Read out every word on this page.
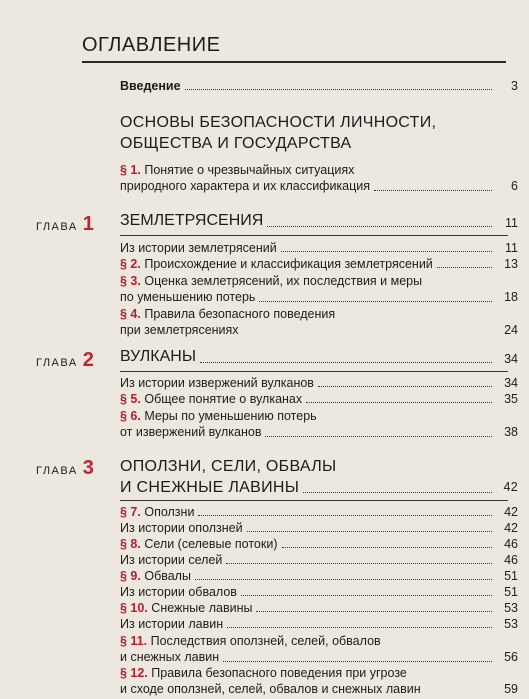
ОГЛАВЛЕНИЕ
Введение	3
ОСНОВЫ БЕЗОПАСНОСТИ ЛИЧНОСТИ,
ОБЩЕСТВА И ГОСУДАРСТВА
§ 1. Понятие о чрезвычайных ситуациях
природного характера и их классификация	6
ГЛАВА 1 ЗЕМЛЕТРЯСЕНИЯ	11
Из истории землетрясений	11
§ 2. Происхождение и классификация землетрясений	13
§ 3. Оценка землетрясений, их последствия и меры
по уменьшению потерь	18
§ 4. Правила безопасного поведения
при землетрясениях	24
ГЛАВА 2 ВУЛКАНЫ	34
Из истории извержений вулканов	34
§ 5. Общее понятие о вулканах	35
§ 6. Меры по уменьшению потерь
от извержений вулканов	38
ГЛАВА 3 ОПОЛЗНИ, СЕЛИ, ОБВАЛЫ
И СНЕЖНЫЕ ЛАВИНЫ	42
§ 7. Оползни	42
Из истории оползней	42
§ 8. Сели (селевые потоки)	46
Из истории селей	46
§ 9. Обвалы	51
Из истории обвалов	51
§ 10. Снежные лавины	53
Из истории лавин	53
§ 11. Последствия оползней, селей, обвалов
и снежных лавин	56
§ 12. Правила безопасного поведения при угрозе
и сходе оползней, селей, обвалов и снежных лавин	59
